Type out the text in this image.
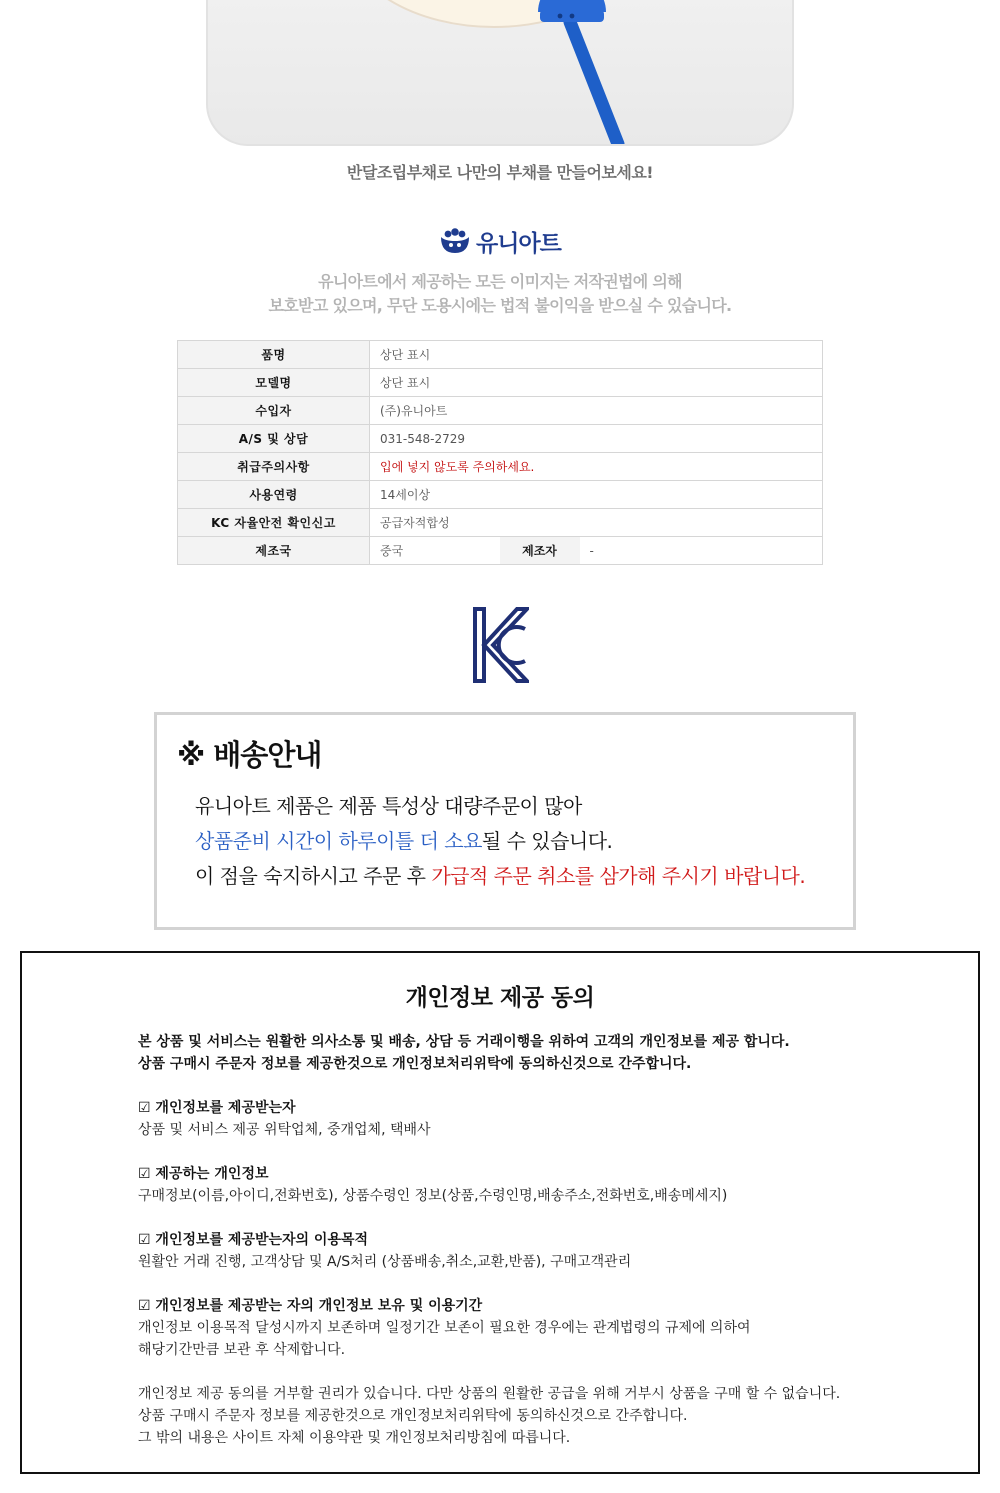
반달조립부채로 나만의 부채를 만들어보세요!
유니아트
유니아트에서 제공하는 모든 이미지는 저작권법에 의해
보호받고 있으며, 무단 도용시에는 법적 불이익을 받으실 수 있습니다.
품명	상단 표시		
모델명	상단 표시		
수입자	(주)유니아트		
A/S 및 상담	031-548-2729		
취급주의사항	입에 넣지 않도록 주의하세요.		
사용연령	14세이상		
KC 자율안전 확인신고	공급자적합성		
제조국	중국	제조자	-
※ 배송안내
유니아트 제품은 제품 특성상 대량주문이 많아
상품준비 시간이 하루이틀 더 소요될 수 있습니다.
이 점을 숙지하시고 주문 후 가급적 주문 취소를 삼가해 주시기 바랍니다.
개인정보 제공 동의
본 상품 및 서비스는 원활한 의사소통 및 배송, 상담 등 거래이행을 위하여 고객의 개인정보를 제공 합니다.
상품 구매시 주문자 정보를 제공한것으로 개인정보처리위탁에 동의하신것으로 간주합니다.
☑ 개인정보를 제공받는자
상품 및 서비스 제공 위탁업체, 중개업체, 택배사
☑ 제공하는 개인정보
구매정보(이름,아이디,전화번호), 상품수령인 정보(상품,수령인명,배송주소,전화번호,배송메세지)
☑ 개인정보를 제공받는자의 이용목적
원활안 거래 진행, 고객상담 및 A/S처리 (상품배송,취소,교환,반품), 구매고객관리
☑ 개인정보를 제공받는 자의 개인정보 보유 및 이용기간
개인정보 이용목적 달성시까지 보존하며 일정기간 보존이 필요한 경우에는 관계법령의 규제에 의하여
해당기간만큼 보관 후 삭제합니다.
개인정보 제공 동의를 거부할 권리가 있습니다. 다만 상품의 원활한 공급을 위해 거부시 상품을 구매 할 수 없습니다.
상품 구매시 주문자 정보를 제공한것으로 개인정보처리위탁에 동의하신것으로 간주합니다.
그 밖의 내용은 사이트 자체 이용약관 및 개인정보처리방침에 따릅니다.
